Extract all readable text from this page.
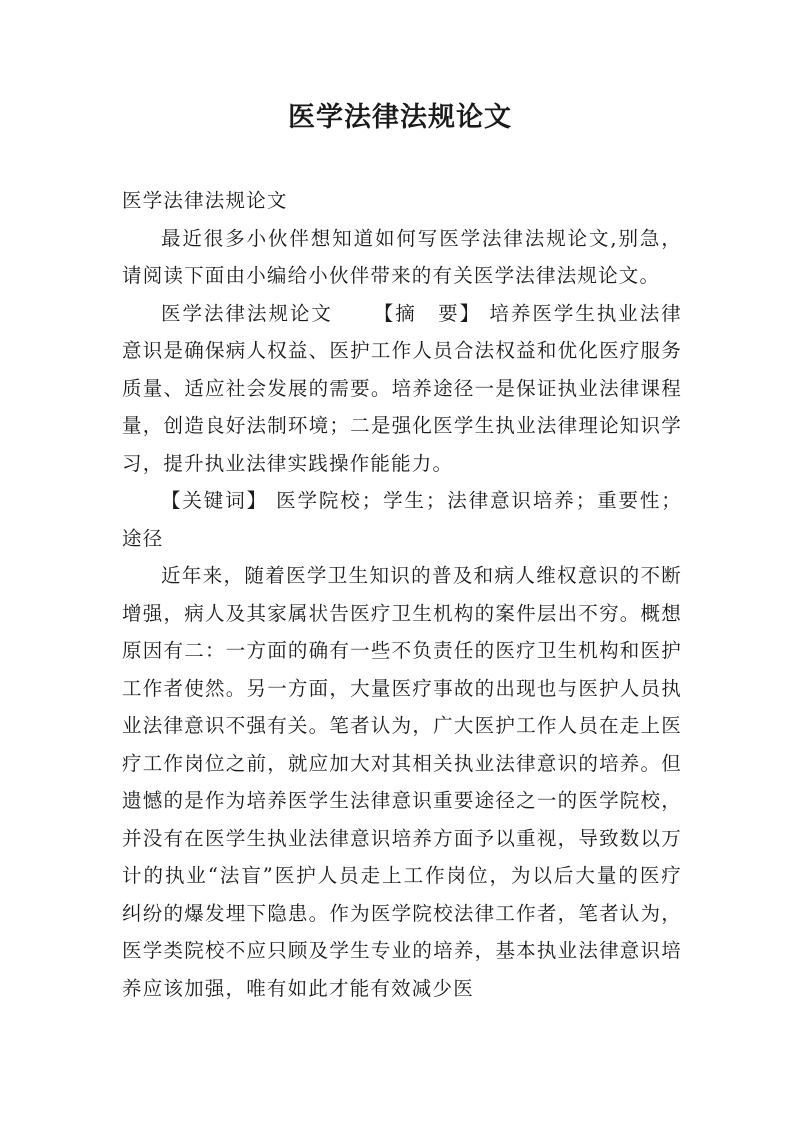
医学法律法规论文

医学法律法规论文

最近很多小伙伴想知道如何写医学法律法规论文,别急，请阅读下面由小编给小伙伴带来的有关医学法律法规论文。

医学法律法规论文 【摘　要】 培养医学生执业法律意识是确保病人权益、医护工作人员合法权益和优化医疗服务质量、适应社会发展的需要。培养途径一是保证执业法律课程量，创造良好法制环境；二是强化医学生执业法律理论知识学习，提升执业法律实践操作能能力。

【关键词】 医学院校；学生；法律意识培养；重要性；途径

近年来，随着医学卫生知识的普及和病人维权意识的不断增强，病人及其家属状告医疗卫生机构的案件层出不穷。概想原因有二：一方面的确有一些不负责任的医疗卫生机构和医护工作者使然。另一方面，大量医疗事故的出现也与医护人员执业法律意识不强有关。笔者认为，广大医护工作人员在走上医疗工作岗位之前，就应加大对其相关执业法律意识的培养。但遗憾的是作为培养医学生法律意识重要途径之一的医学院校，并没有在医学生执业法律意识培养方面予以重视，导致数以万计的执业“法盲”医护人员走上工作岗位，为以后大量的医疗纠纷的爆发埋下隐患。作为医学院校法律工作者，笔者认为，医学类院校不应只顾及学生专业的培养，基本执业法律意识培养应该加强，唯有如此才能有效减少医
